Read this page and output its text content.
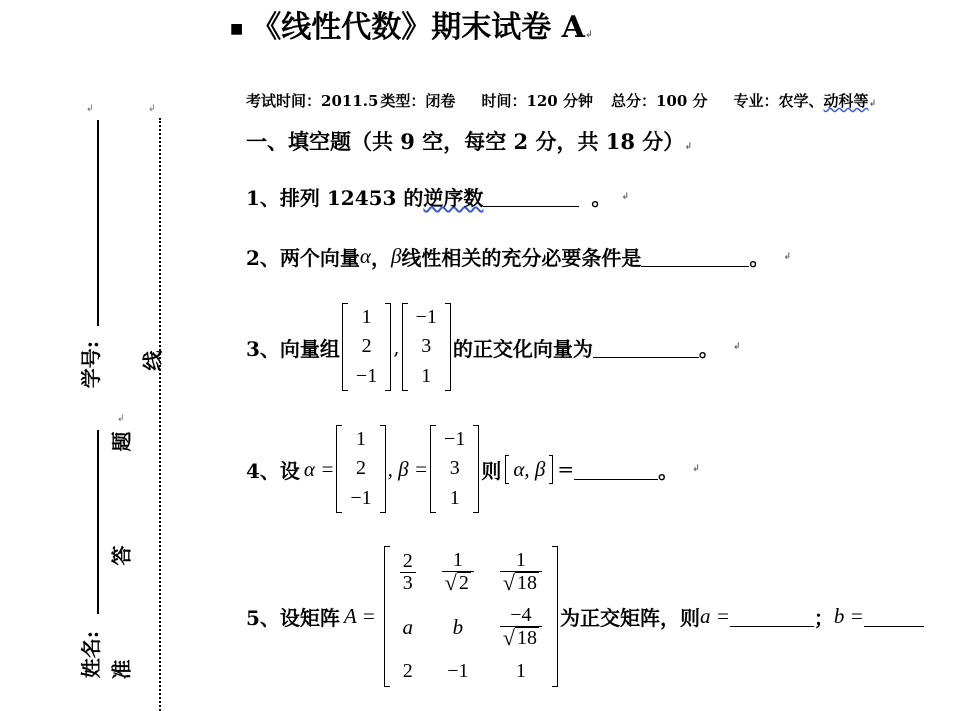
↲	↲
学号:
姓名:
线
题
↲
答
准
■ 《线性代数》期末试卷 A↲
考试时间：2011.5 类型：闭卷 时间：120 分钟 总分：100 分 专业：农学、动科等↲
一、填空题（共 9 空，每空 2 分，共 18 分）↲
1、排列 12453 的 逆序数	。 ↲
2、两个向量 α ， β 线性相关的充分必要条件是	。 ↲
3、向量组
1
2
−1
,
−1
3
1
的正交化向量为	。 ↲
4、设 α =
1
2
−1
, β =
−1
3
1
则 α, β =	。 ↲
5、设矩阵 A =
$\frac{2}{3} \frac{1}{√ 2} \frac{1}{√ 18}$
a b $\frac{-4}{√ 18}$
2 −1 1
为正交矩阵，则 a =	； b =
